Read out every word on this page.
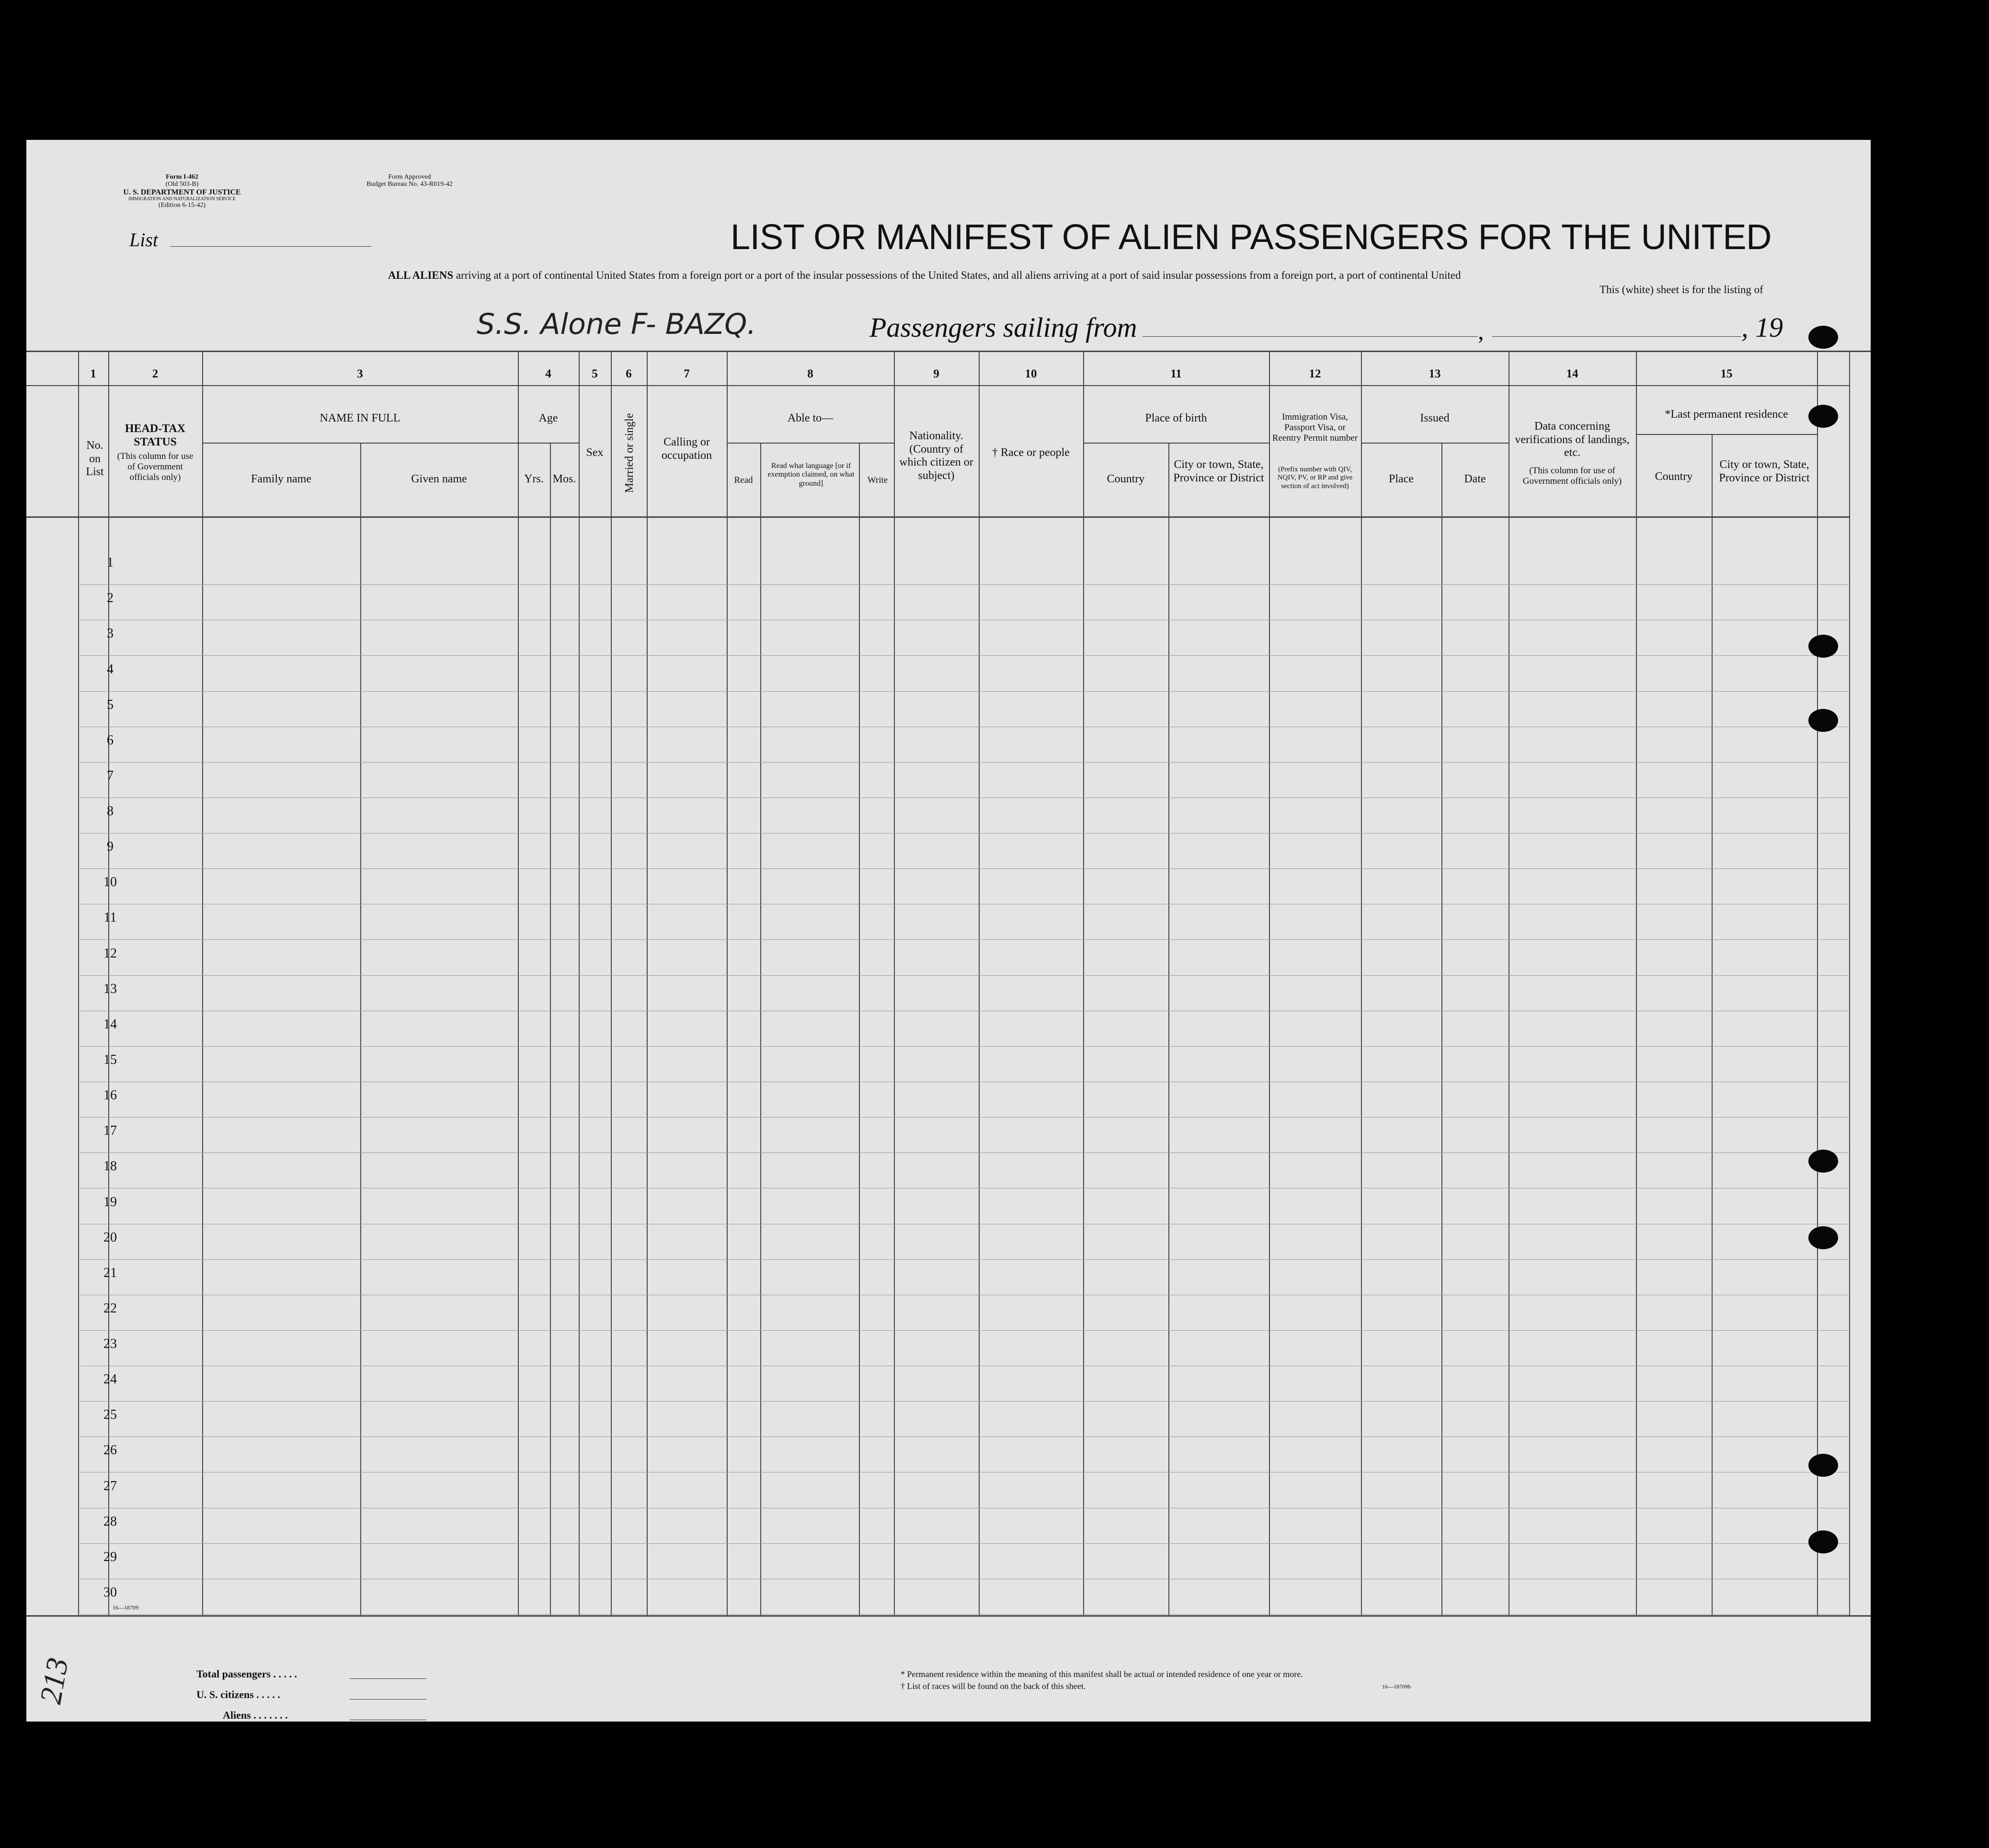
Form I-462
(Old 503-B)
U. S. DEPARTMENT OF JUSTICE
IMMIGRATION AND NATURALIZATION SERVICE
(Edition 6-15-42)
Form Approved
Budget Bureau No. 43-R019-42
List	LIST OR MANIFEST OF ALIEN PASSENGERS FOR THE UNITED
ALL ALIENS arriving at a port of continental United States from a foreign port or a port of the insular possessions of the United States, and all aliens arriving at a port of said insular possessions from a foreign port, a port of continental United
This (white) sheet is for the listing of
S.S. Alone F- BAZQ.	Passengers sailing from	,	, 19
1	2	3	4	5	6	7	8	9	10	11	12	13	14	15
No. on List
HEAD-TAX STATUS
(This column for use of Government officials only)
NAME IN FULL
Family name	Given name
Age
Yrs. Mos.
Sex	Married or single	Calling or occupation
Able to—
Read
Read what language [or if exemption claimed, on what ground]	Write
Nationality. (Country of which citizen or subject)
† Race or people
Place of birth
Country
City or town, State, Province or District
Immigration Visa, Passport Visa, or Reentry Permit number
(Prefix number with QIV, NQIV, PV, or RP and give section of act involved)
Issued
Place	Date
Data concerning verifications of landings, etc.
(This column for use of Government officials only)
*Last permanent residence
Country
City or town, State, Province or District
1
2
3
4
5
6
7
8
9
10
11
12
13
14
15
16
17
18
19
20
21
22
23
24
25
26
27
28
29
30
16—18709
Total passengers . . . . .
U. S. citizens . . . . .
Aliens . . . . . . .
* Permanent residence within the meaning of this manifest shall be actual or intended residence of one year or more.
† List of races will be found on the back of this sheet.	16—18709b
213
